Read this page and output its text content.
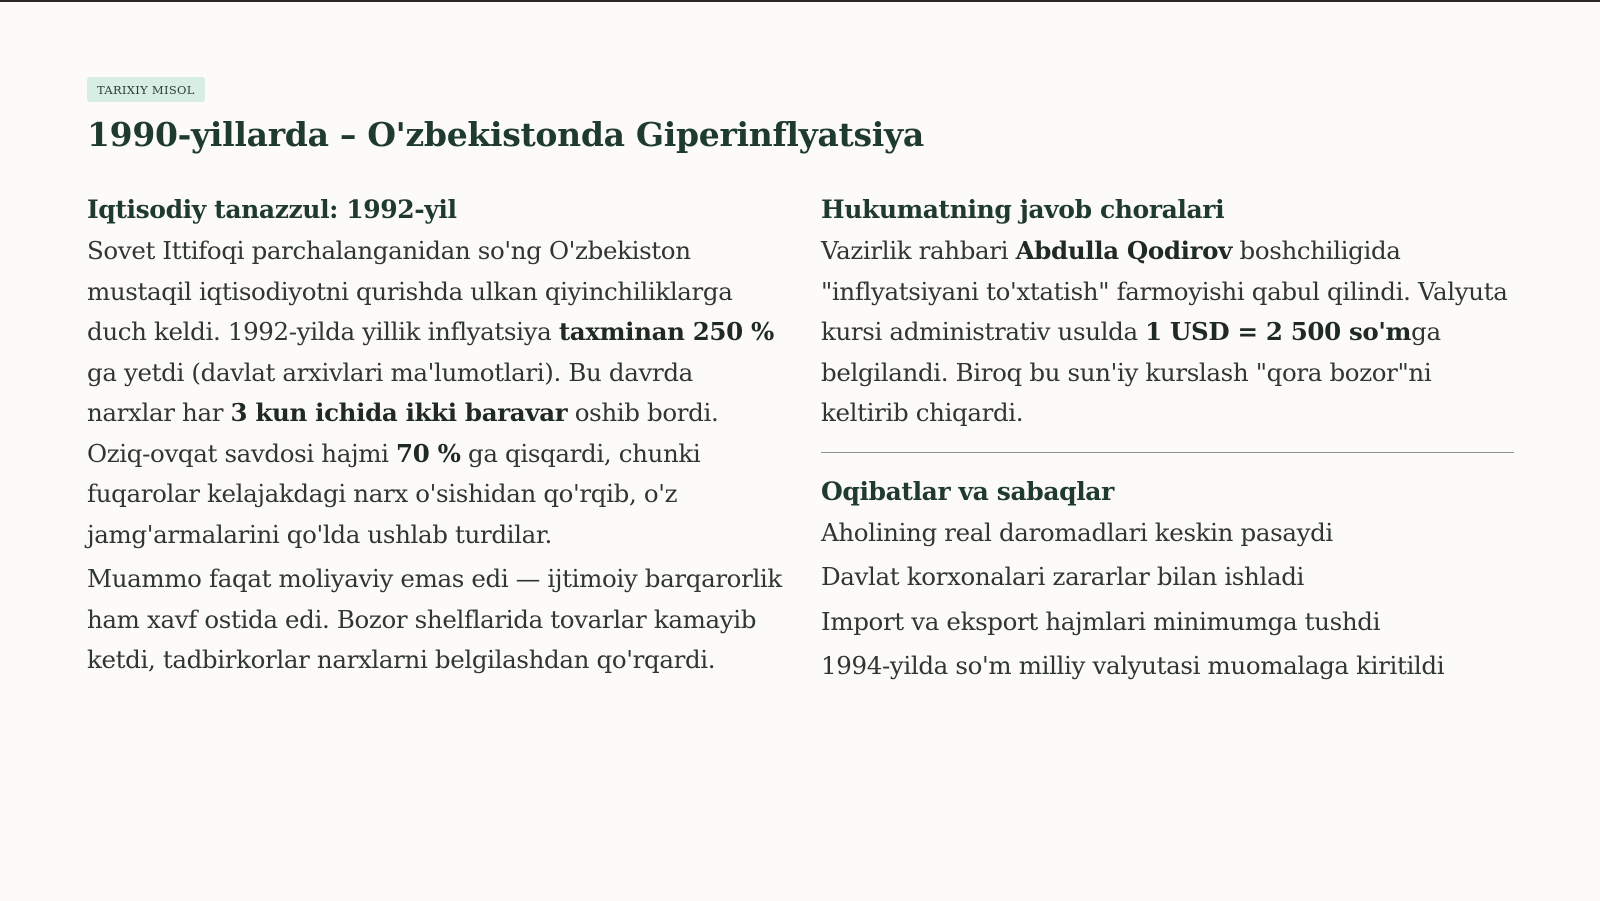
TARIXIY MISOL
1990-yillarda – O'zbekistonda Giperinflyatsiya
Iqtisodiy tanazzul: 1992-yil

Sovet Ittifoqi parchalanganidan so'ng O'zbekiston mustaqil iqtisodiyotni qurishda ulkan qiyinchiliklarga duch keldi. 1992-yilda yillik inflyatsiya taxminan 250 % ga yetdi (davlat arxivlari ma'lumotlari). Bu davrda narxlar har 3 kun ichida ikki baravar oshib bordi. Oziq-ovqat savdosi hajmi 70 % ga qisqardi, chunki fuqarolar kelajakdagi narx o'sishidan qo'rqib, o'z jamg'armalarini qo'lda ushlab turdilar.

Muammo faqat moliyaviy emas edi — ijtimoiy barqarorlik ham xavf ostida edi. Bozor shelflarida tovarlar kamayib ketdi, tadbirkorlar narxlarni belgilashdan qo'rqardi.

Hukumatning javob choralari

Vazirlik rahbari Abdulla Qodirov boshchiligida "inflyatsiyani to'xtatish" farmoyishi qabul qilindi. Valyuta kursi administrativ usulda 1 USD = 2 500 so'mga belgilandi. Biroq bu sun'iy kurslash "qora bozor"ni keltirib chiqardi.

Oqibatlar va sabaqlar
Aholining real daromadlari keskin pasaydi
Davlat korxonalari zararlar bilan ishladi
Import va eksport hajmlari minimumga tushdi
1994-yilda so'm milliy valyutasi muomalaga kiritildi
